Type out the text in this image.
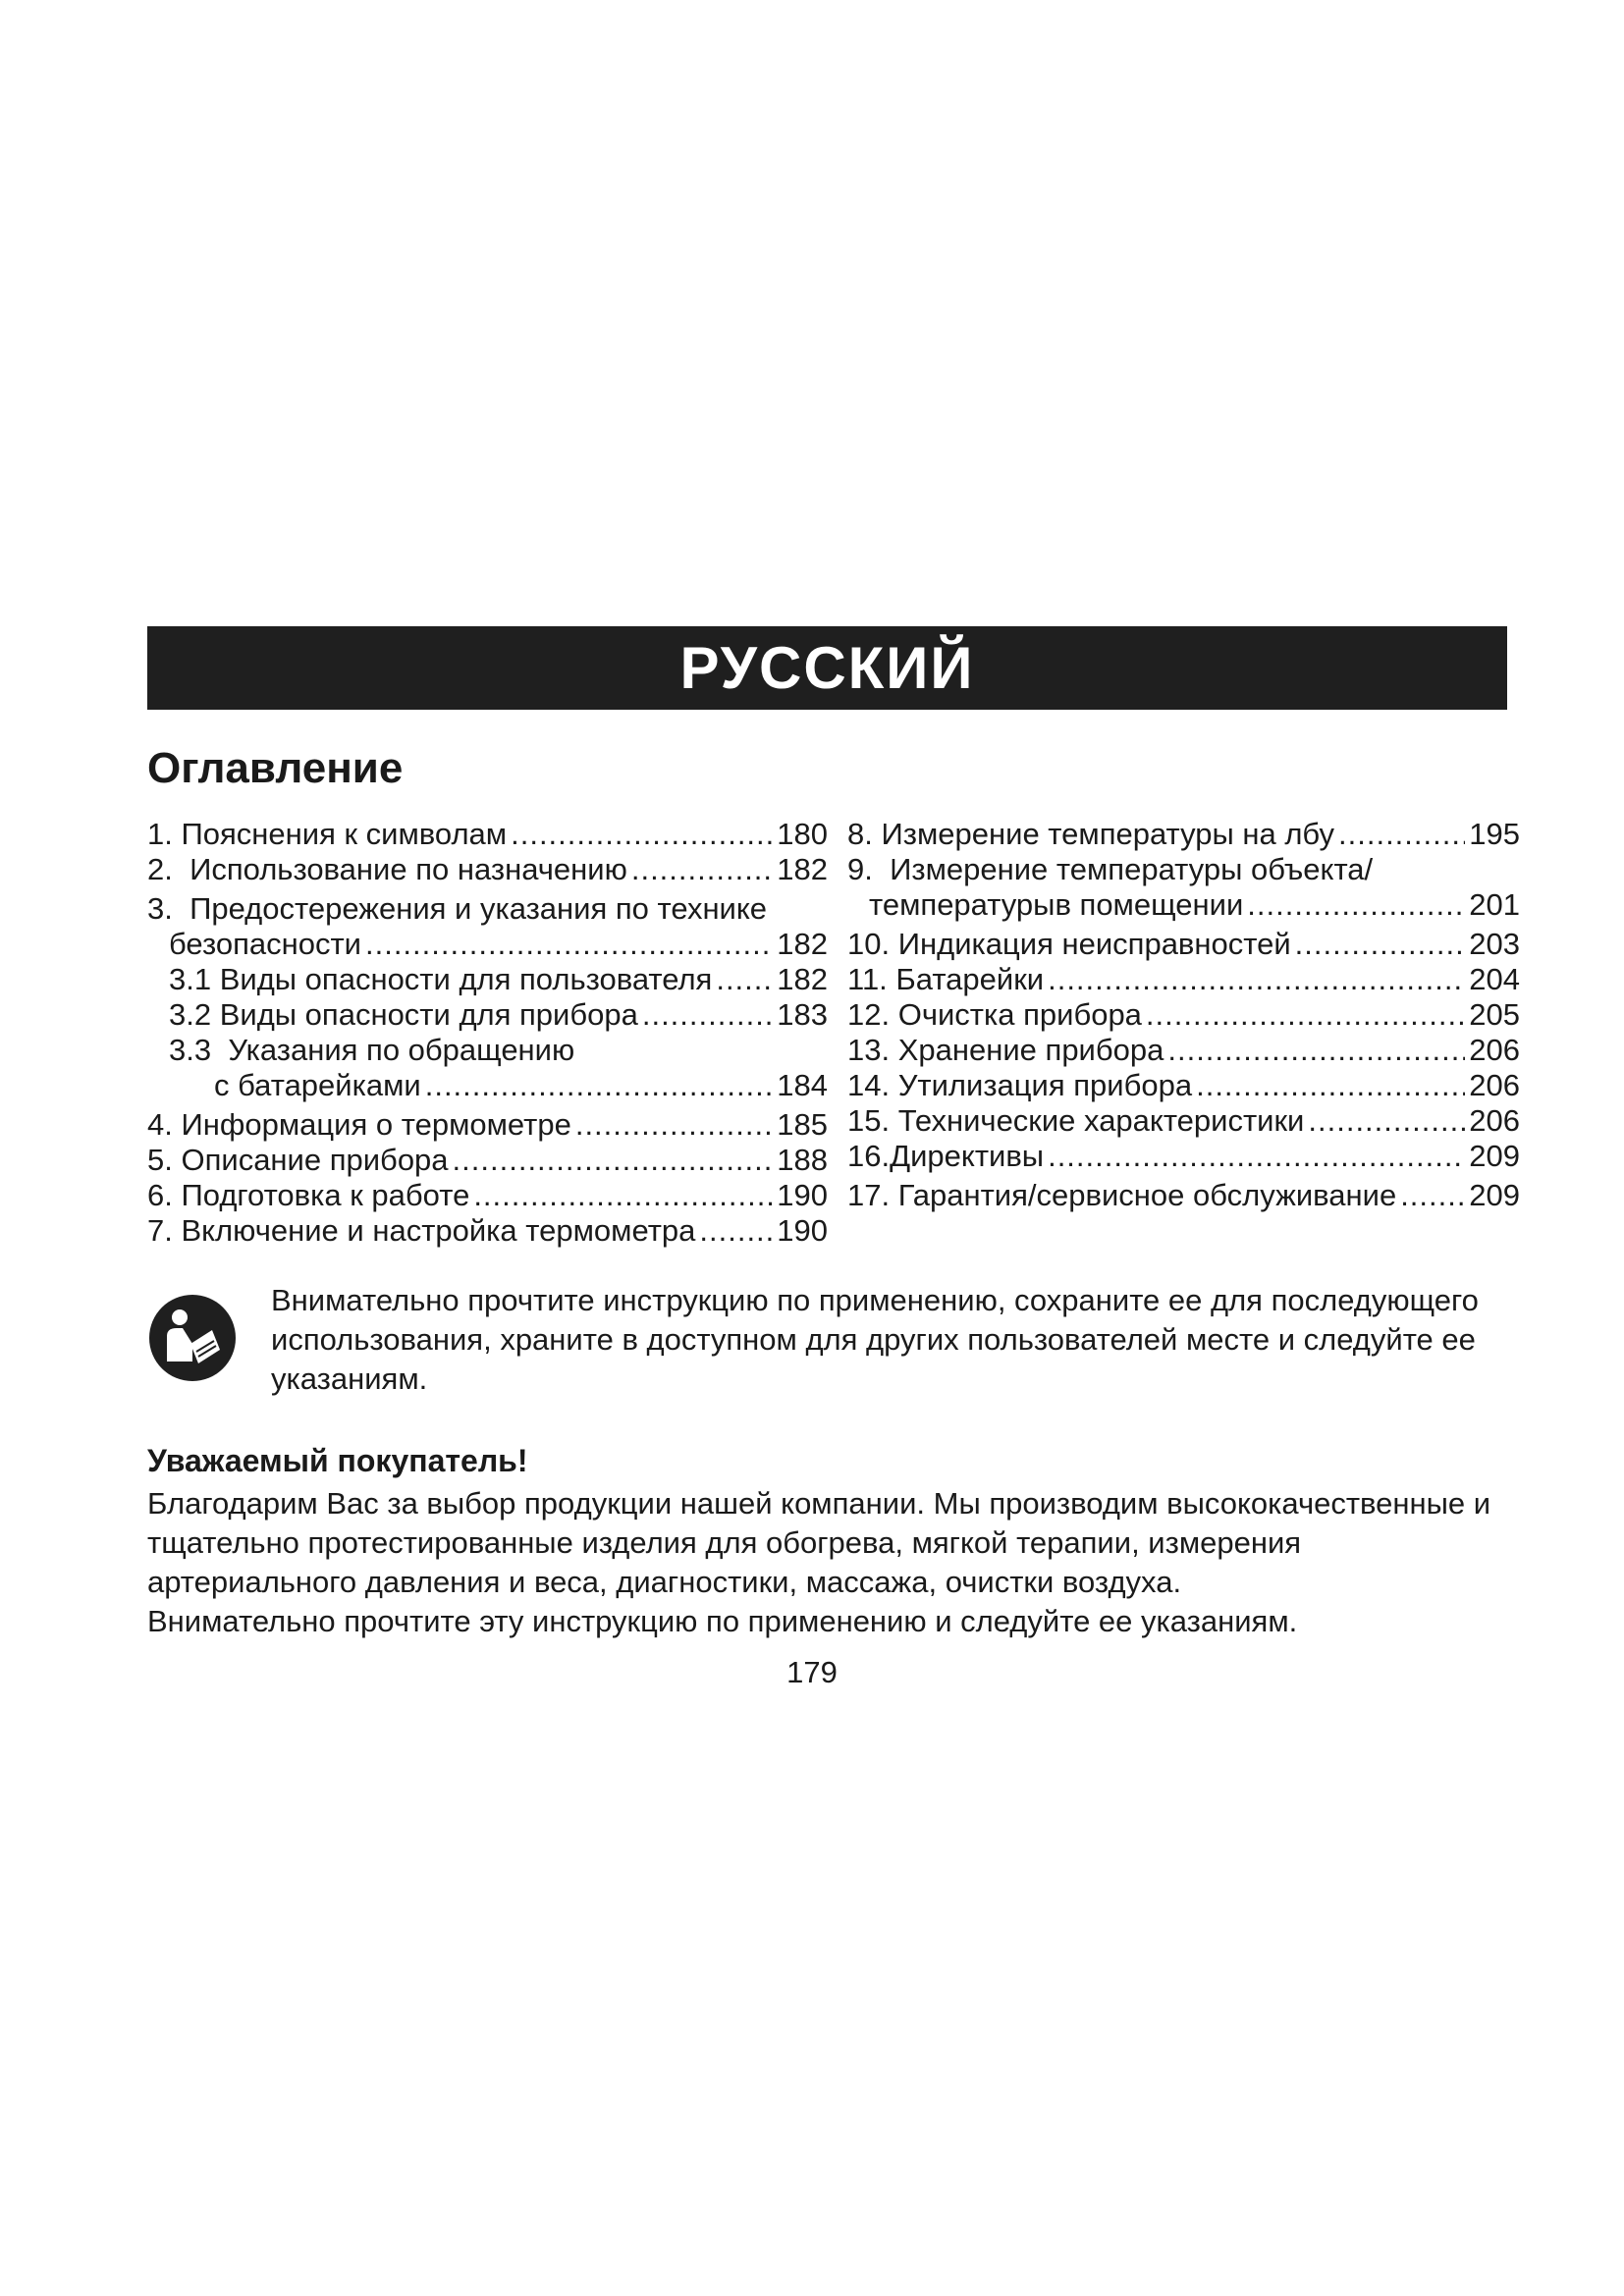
РУССКИЙ
Оглавление
1. Пояснения к символам .....	180
2. Использование по назначению .....	182
3. Предостережения и указания по технике
безопасности .....	182
3.1 Виды опасности для пользователя ..... 182
3.2 Виды опасности для прибора .....	183
3.3  Указания по обращению
с батарейками .....	184
4. Информация о термометре .....	185
5. Описание прибора .....	188
6. Подготовка к работе .....	190
7. Включение и настройка термометра .....	190
8. Измерение температуры на лбу .....	195
9. Измерение температуры объекта/
температурыв помещении .....	201
10. Индикация неисправностей .....	203
11. Батарейки .....	204
12. Очистка прибора .....	205
13. Хранение прибора .....	206
14. Утилизация прибора .....	206
15. Технические характеристики .....	206
16. Директивы .....	209
17. Гарантия/сервисное обслуживание ..... 209
Внимательно прочтите инструкцию по применению, сохраните ее для последующего использования, храните в доступном для других пользователей месте и следуйте ее указаниям.
Уважаемый покупатель!

Благодарим Вас за выбор продукции нашей компании. Мы производим высококачественные и тщательно протестированные изделия для обогрева, мягкой терапии, измерения артериального давления и веса, диагностики, массажа, очистки воздуха.

Внимательно прочтите эту инструкцию по применению и следуйте ее указаниям.

179
